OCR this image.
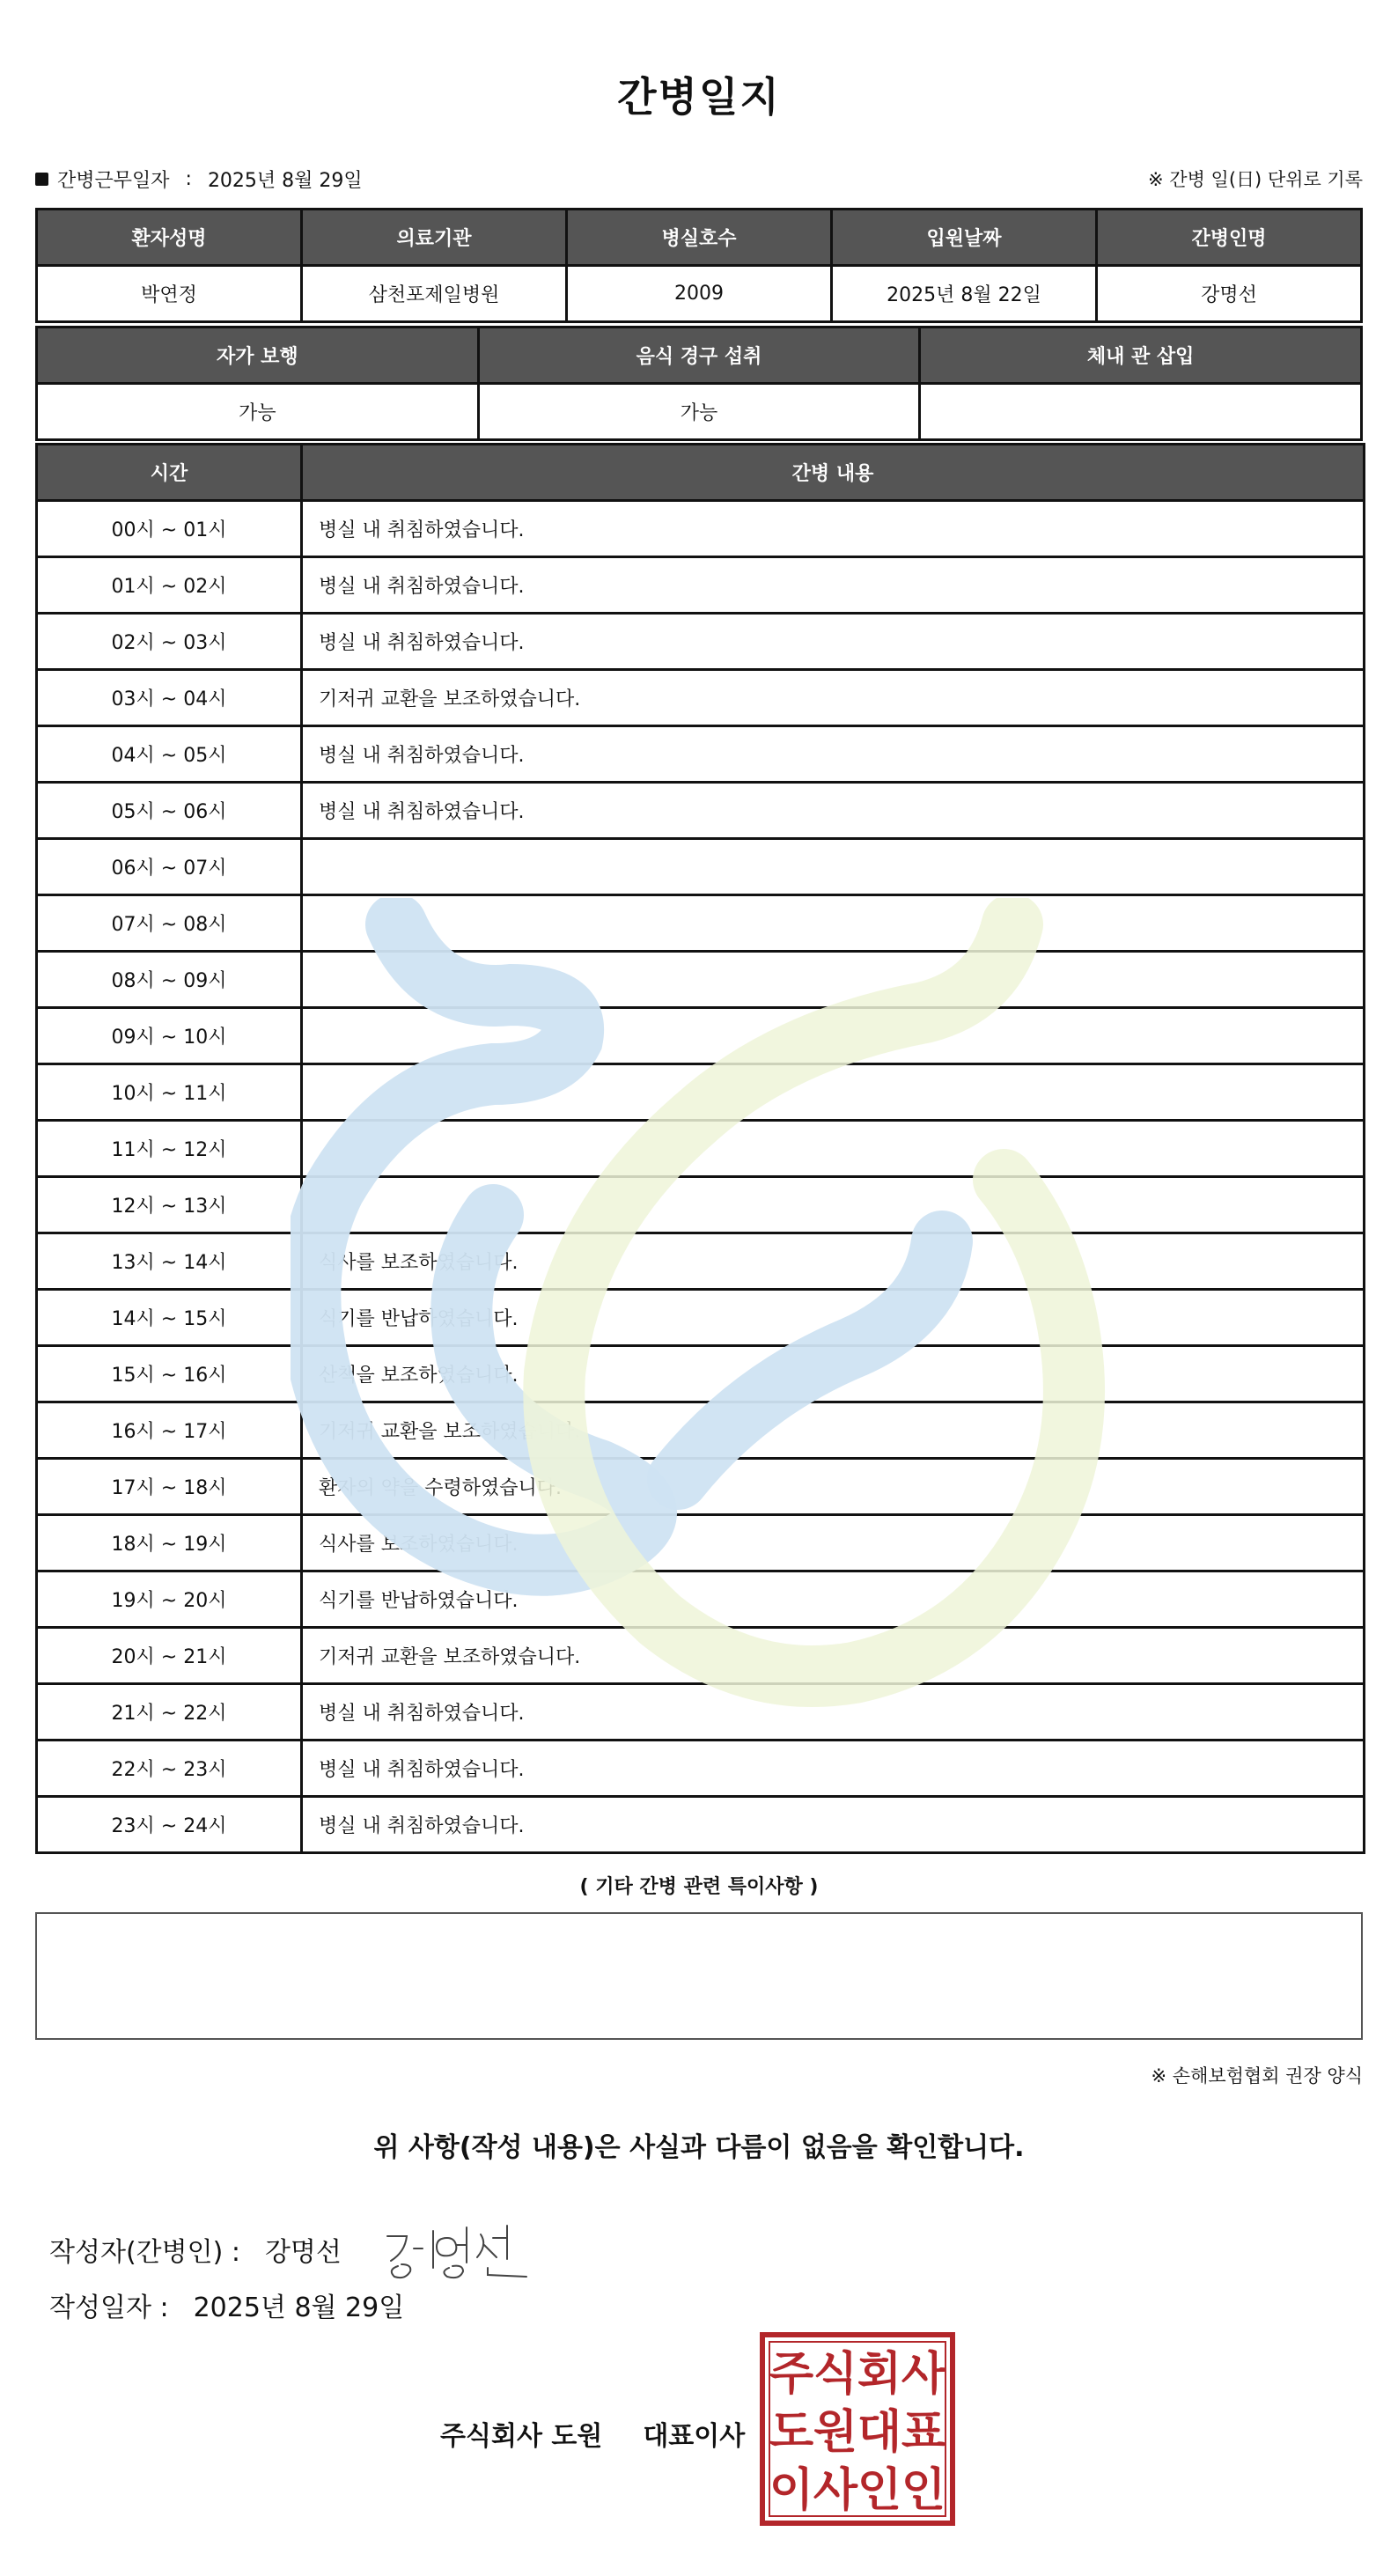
간병일지
간병근무일자 : 2025년 8월 29일	※ 간병 일(日) 단위로 기록
환자성명	의료기관	병실호수	입원날짜	간병인명
박연정	삼천포제일병원	2009	2025년 8월 22일	강명선
자가 보행	음식 경구 섭취	체내 관 삽입
가능	가능	
시간	간병 내용
00시 ~ 01시	병실 내 취침하였습니다.
01시 ~ 02시	병실 내 취침하였습니다.
02시 ~ 03시	병실 내 취침하였습니다.
03시 ~ 04시	기저귀 교환을 보조하였습니다.
04시 ~ 05시	병실 내 취침하였습니다.
05시 ~ 06시	병실 내 취침하였습니다.
06시 ~ 07시	
07시 ~ 08시	
08시 ~ 09시	
09시 ~ 10시	
10시 ~ 11시	
11시 ~ 12시	
12시 ~ 13시	
13시 ~ 14시	식사를 보조하였습니다.
14시 ~ 15시	식기를 반납하였습니다.
15시 ~ 16시	산책을 보조하였습니다.
16시 ~ 17시	기저귀 교환을 보조하였습니다.
17시 ~ 18시	환자의 약을 수령하였습니다.
18시 ~ 19시	식사를 보조하였습니다.
19시 ~ 20시	식기를 반납하였습니다.
20시 ~ 21시	기저귀 교환을 보조하였습니다.
21시 ~ 22시	병실 내 취침하였습니다.
22시 ~ 23시	병실 내 취침하였습니다.
23시 ~ 24시	병실 내 취침하였습니다.
( 기타 간병 관련 특이사항 )
※ 손해보험협회 권장 양식
위 사항(작성 내용)은 사실과 다름이 없음을 확인합니다.
작성자(간병인) : 강명선
작성일자 : 2025년 8월 29일
주식회사 도원 대표이사
주 식 회 사
도 원 대 표
이 사 인 인
